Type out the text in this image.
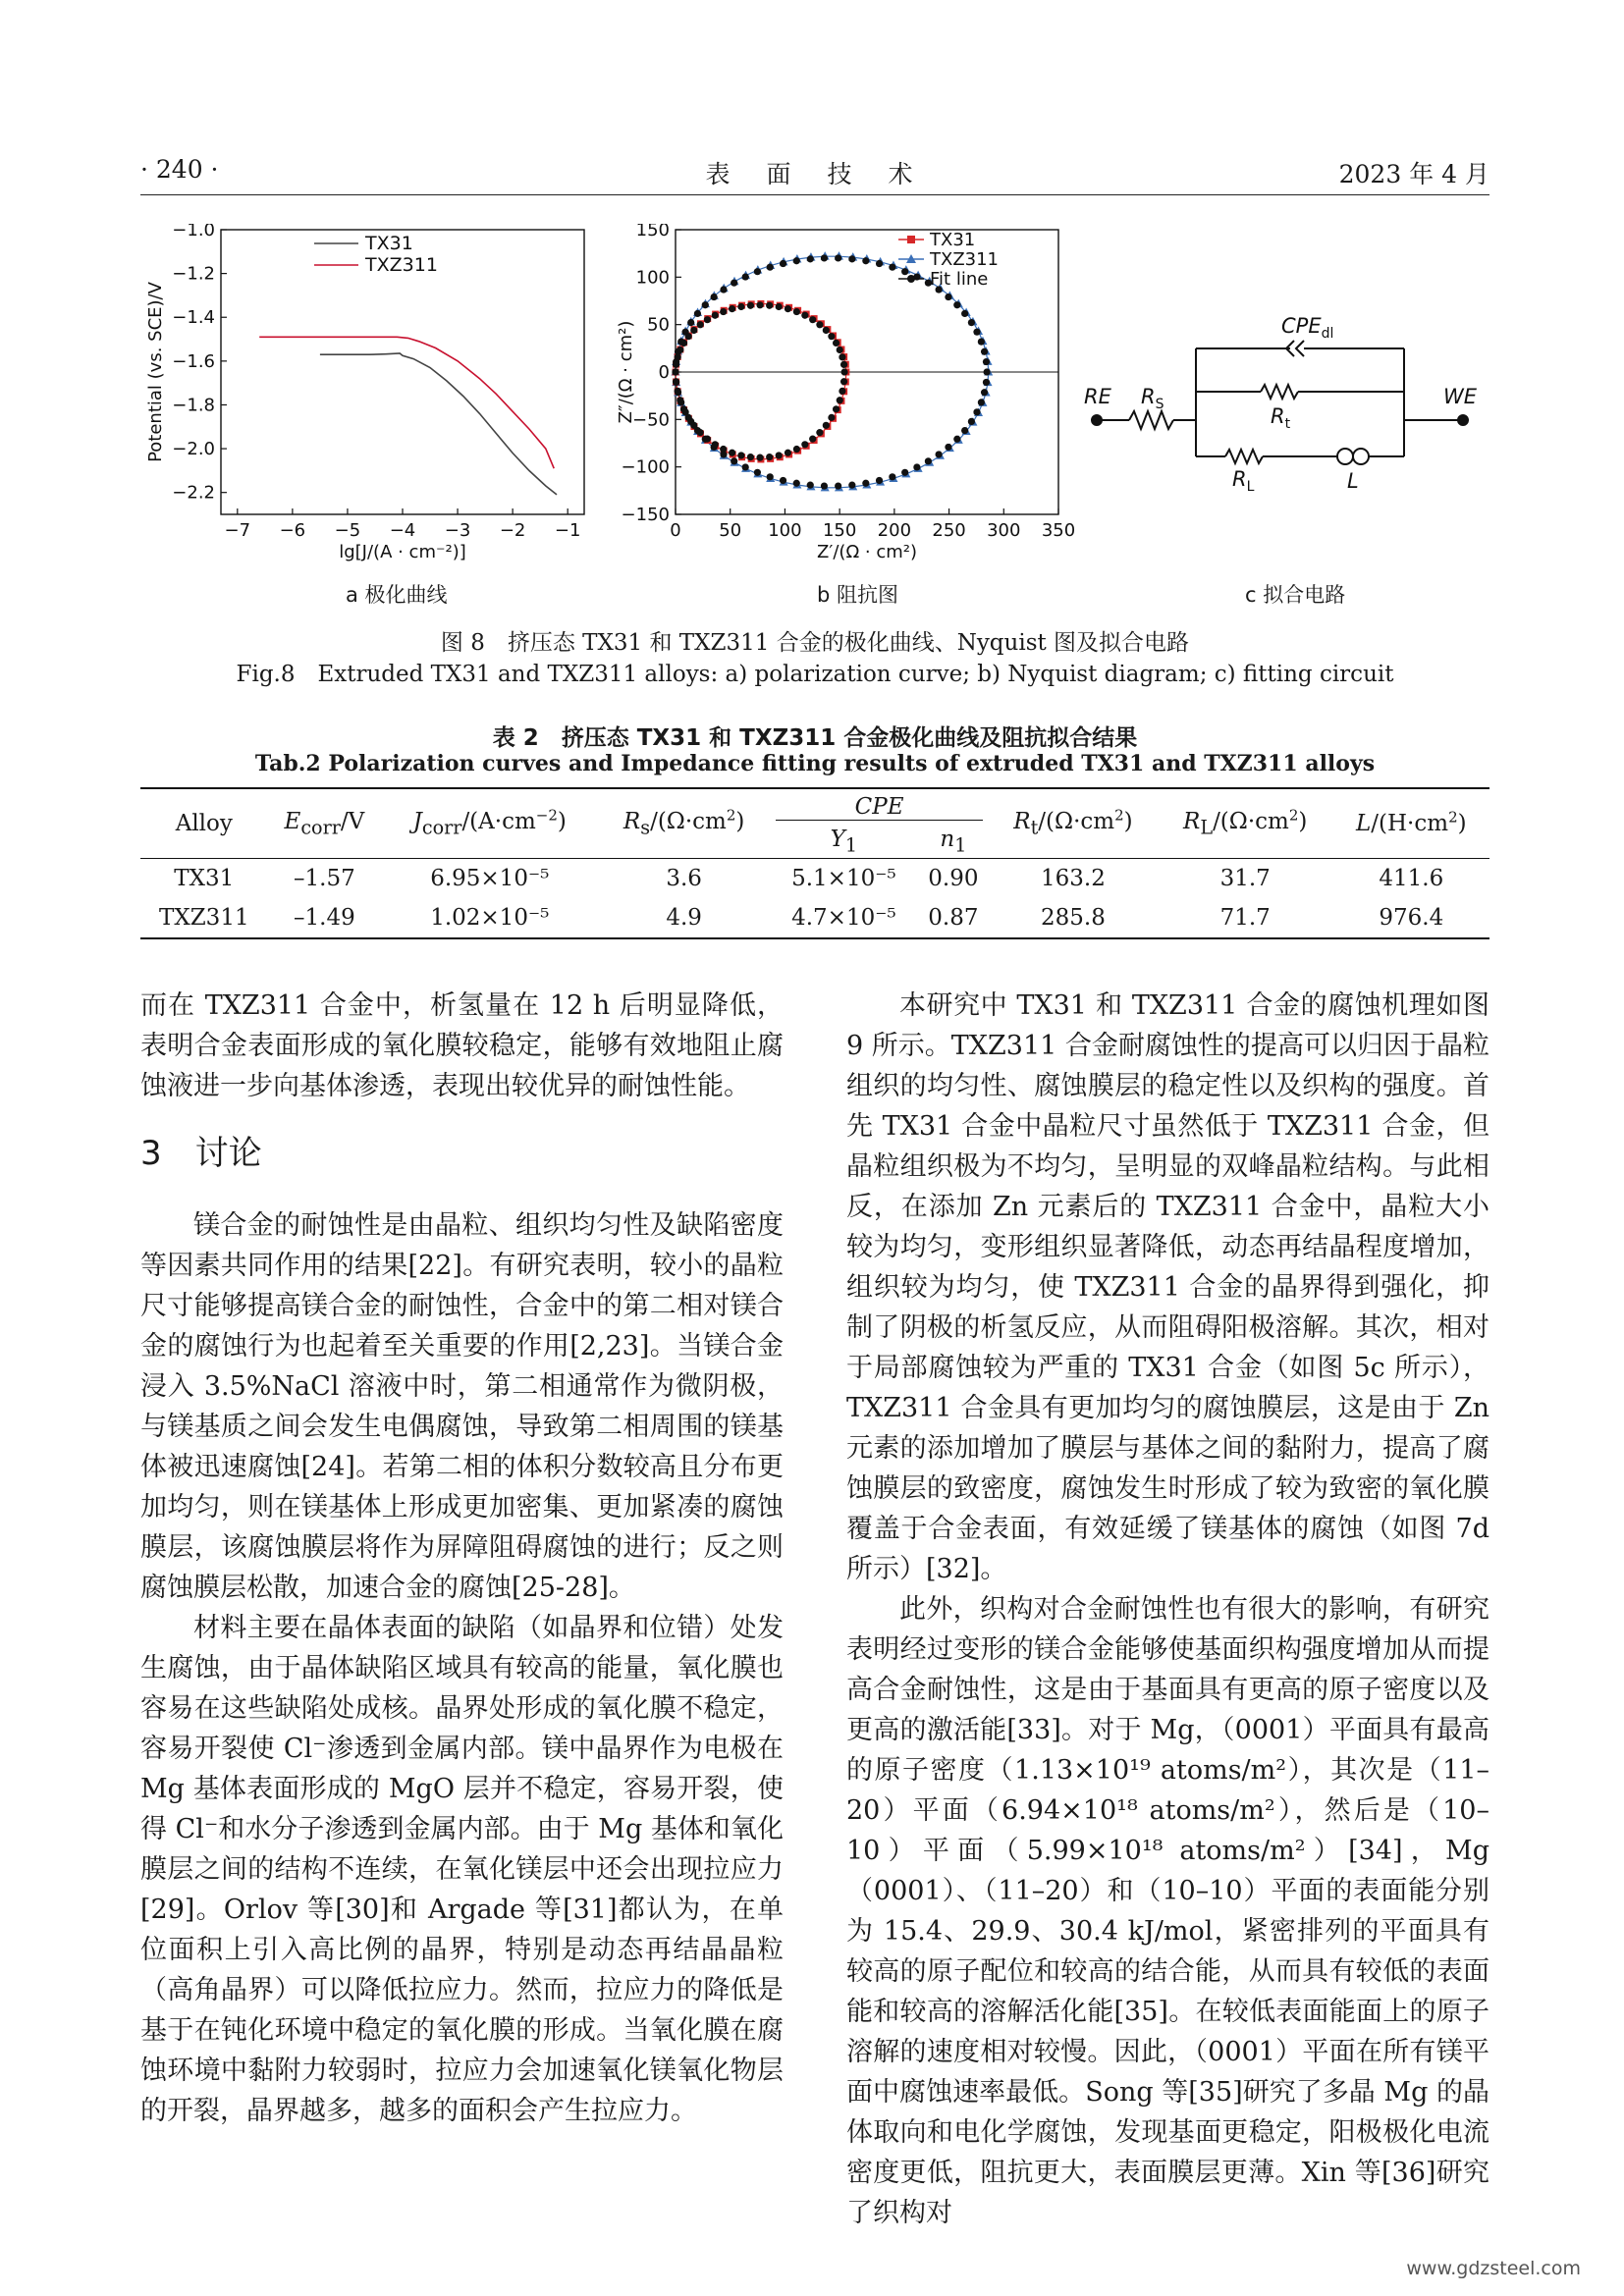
· 240 ·	表　面　技　术	2023 年 4 月
−7 −6 −5 −4 −3 −2 −1
−1.0
−1.2
−1.4
−1.6
−1.8
−2.0
−2.2
lg[J/(A · cm⁻²)]
Potential (vs. SCE)/V
TX31
TXZ311
a 极化曲线
0 50 100 150 200 250 300 350
−150
−100
−50
0
50
100
150
Z′/(Ω · cm²)
Z″/(Ω · cm²)
TX31
TXZ311
Fit line
b 阻抗图
RE	WE
$R_S$
$CPE_{dl}$
$R_t$
$R_L$	L
c 拟合电路
图 8　挤压态 TX31 和 TXZ311 合金的极化曲线、Nyquist 图及拟合电路
Fig.8　Extruded TX31 and TXZ311 alloys: a) polarization curve; b) Nyquist diagram; c) fitting circuit
表 2　挤压态 TX31 和 TXZ311 合金极化曲线及阻抗拟合结果
Tab.2 Polarization curves and Impedance fitting results of extruded TX31 and TXZ311 alloys
Alloy	$E_{corr}/V$	$J_{corr}/(A\cdot cm^{-2})$	$R_s/(\Omega\cdot cm^2)$	CPE		$R_t/(\Omega\cdot cm^2)$	$R_L/(\Omega\cdot cm^2)$	$L/(H\cdot cm^2)$
				$Y_1$	$n_1$
TX31	–1.57	6.95×10⁻⁵	3.6	5.1×10⁻⁵	0.90	163.2	31.7	411.6
TXZ311	–1.49	1.02×10⁻⁵	4.9	4.7×10⁻⁵	0.87	285.8	71.7	976.4

而在 TXZ311 合金中，析氢量在 12 h 后明显降低，表明合金表面形成的氧化膜较稳定，能够有效地阻止腐蚀液进一步向基体渗透，表现出较优异的耐蚀性能。

3　讨论

镁合金的耐蚀性是由晶粒、组织均匀性及缺陷密度等因素共同作用的结果[22]。有研究表明，较小的晶粒尺寸能够提高镁合金的耐蚀性，合金中的第二相对镁合金的腐蚀行为也起着至关重要的作用[2,23]。当镁合金浸入 3.5%NaCl 溶液中时，第二相通常作为微阴极，与镁基质之间会发生电偶腐蚀，导致第二相周围的镁基体被迅速腐蚀[24]。若第二相的体积分数较高且分布更加均匀，则在镁基体上形成更加密集、更加紧凑的腐蚀膜层，该腐蚀膜层将作为屏障阻碍腐蚀的进行；反之则腐蚀膜层松散，加速合金的腐蚀[25-28]。

材料主要在晶体表面的缺陷（如晶界和位错）处发生腐蚀，由于晶体缺陷区域具有较高的能量，氧化膜也容易在这些缺陷处成核。晶界处形成的氧化膜不稳定，容易开裂使 Cl⁻渗透到金属内部。镁中晶界作为电极在 Mg 基体表面形成的 MgO 层并不稳定，容易开裂，使得 Cl⁻和水分子渗透到金属内部。由于 Mg 基体和氧化膜层之间的结构不连续，在氧化镁层中还会出现拉应力[29]。Orlov 等[30]和 Argade 等[31]都认为，在单位面积上引入高比例的晶界，特别是动态再结晶晶粒（高角晶界）可以降低拉应力。然而，拉应力的降低是基于在钝化环境中稳定的氧化膜的形成。当氧化膜在腐蚀环境中黏附力较弱时，拉应力会加速氧化镁氧化物层的开裂，晶界越多，越多的面积会产生拉应力。

本研究中 TX31 和 TXZ311 合金的腐蚀机理如图 9 所示。TXZ311 合金耐腐蚀性的提高可以归因于晶粒组织的均匀性、腐蚀膜层的稳定性以及织构的强度。首先 TX31 合金中晶粒尺寸虽然低于 TXZ311 合金，但晶粒组织极为不均匀，呈明显的双峰晶粒结构。与此相反，在添加 Zn 元素后的 TXZ311 合金中，晶粒大小较为均匀，变形组织显著降低，动态再结晶程度增加，组织较为均匀，使 TXZ311 合金的晶界得到强化，抑制了阴极的析氢反应，从而阻碍阳极溶解。其次，相对于局部腐蚀较为严重的 TX31 合金（如图 5c 所示），TXZ311 合金具有更加均匀的腐蚀膜层，这是由于 Zn 元素的添加增加了膜层与基体之间的黏附力，提高了腐蚀膜层的致密度，腐蚀发生时形成了较为致密的氧化膜覆盖于合金表面，有效延缓了镁基体的腐蚀（如图 7d 所示）[32]。

此外，织构对合金耐蚀性也有很大的影响，有研究表明经过变形的镁合金能够使基面织构强度增加从而提高合金耐蚀性，这是由于基面具有更高的原子密度以及更高的激活能[33]。对于 Mg，（0001）平面具有最高的原子密度（1.13×10¹⁹ atoms/m²），其次是（11–20）平面（6.94×10¹⁸ atoms/m²），然后是（10–10）平面（5.99×10¹⁸ atoms/m²）[34]，Mg（0001）、（11–20）和（10–10）平面的表面能分别为 15.4、29.9、30.4 kJ/mol，紧密排列的平面具有较高的原子配位和较高的结合能，从而具有较低的表面能和较高的溶解活化能[35]。在较低表面能面上的原子溶解的速度相对较慢。因此，（0001）平面在所有镁平面中腐蚀速率最低。Song 等[35]研究了多晶 Mg 的晶体取向和电化学腐蚀，发现基面更稳定，阳极极化电流密度更低，阻抗更大，表面膜层更薄。Xin 等[36]研究了织构对

www.gdzsteel.com
